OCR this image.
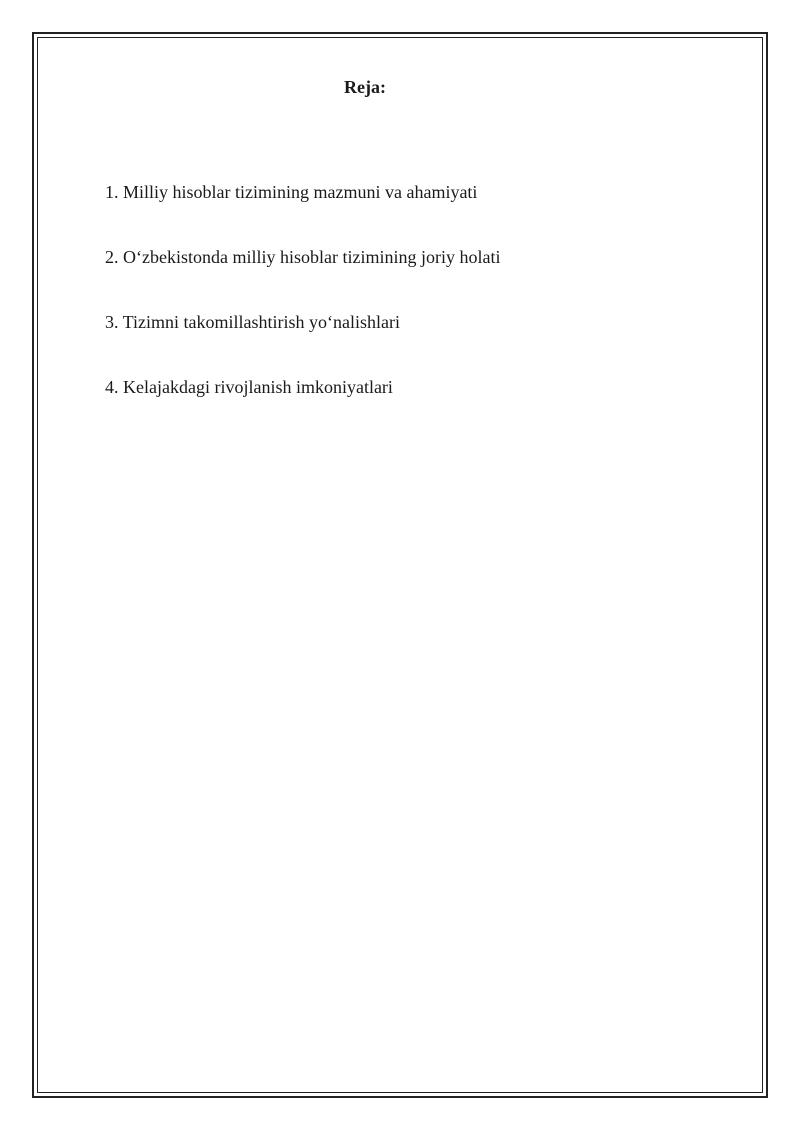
Reja:
1. Milliy hisoblar tizimining mazmuni va ahamiyati
2. O‘zbekistonda milliy hisoblar tizimining joriy holati
3. Tizimni takomillashtirish yo‘nalishlari
4. Kelajakdagi rivojlanish imkoniyatlari
